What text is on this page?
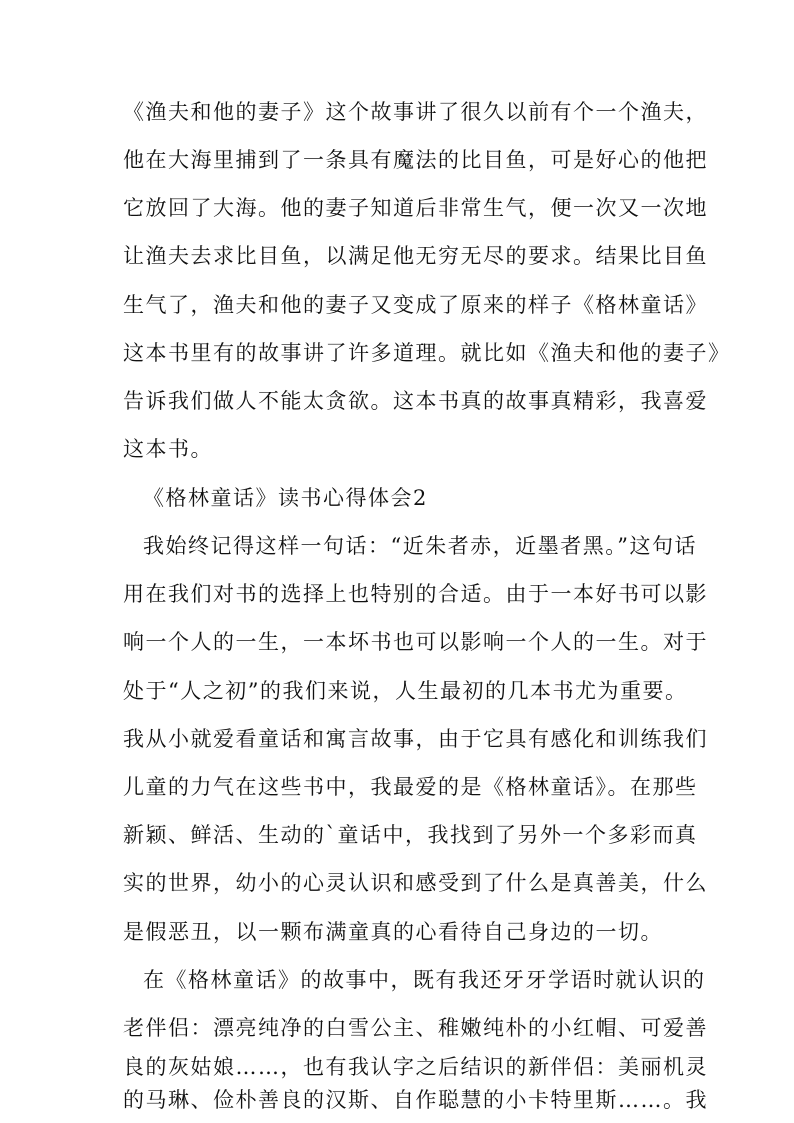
《渔夫和他的妻子》这个故事讲了很久以前有个一个渔夫，

他在大海里捕到了一条具有魔法的比目鱼，可是好心的他把

它放回了大海。他的妻子知道后非常生气，便一次又一次地

让渔夫去求比目鱼，以满足他无穷无尽的要求。结果比目鱼

生气了，渔夫和他的妻子又变成了原来的样子《格林童话》

这本书里有的故事讲了许多道理。就比如《渔夫和他的妻子》

告诉我们做人不能太贪欲。这本书真的故事真精彩，我喜爱

这本书。

《格林童话》读书心得体会2

我始终记得这样一句话：“近朱者赤，近墨者黑。”这句话

用在我们对书的选择上也特别的合适。由于一本好书可以影

响一个人的一生，一本坏书也可以影响一个人的一生。对于

处于“人之初”的我们来说，人生最初的几本书尤为重要。

我从小就爱看童话和寓言故事，由于它具有感化和训练我们

儿童的力气在这些书中，我最爱的是《格林童话》。在那些

新颖、鲜活、生动的`童话中，我找到了另外一个多彩而真

实的世界，幼小的心灵认识和感受到了什么是真善美，什么

是假恶丑，以一颗布满童真的心看待自己身边的一切。

在《格林童话》的故事中，既有我还牙牙学语时就认识的

老伴侣：漂亮纯净的白雪公主、稚嫩纯朴的小红帽、可爱善

良的灰姑娘……，也有我认字之后结识的新伴侣：美丽机灵

的马琳、俭朴善良的汉斯、自作聪慧的小卡特里斯……。我
